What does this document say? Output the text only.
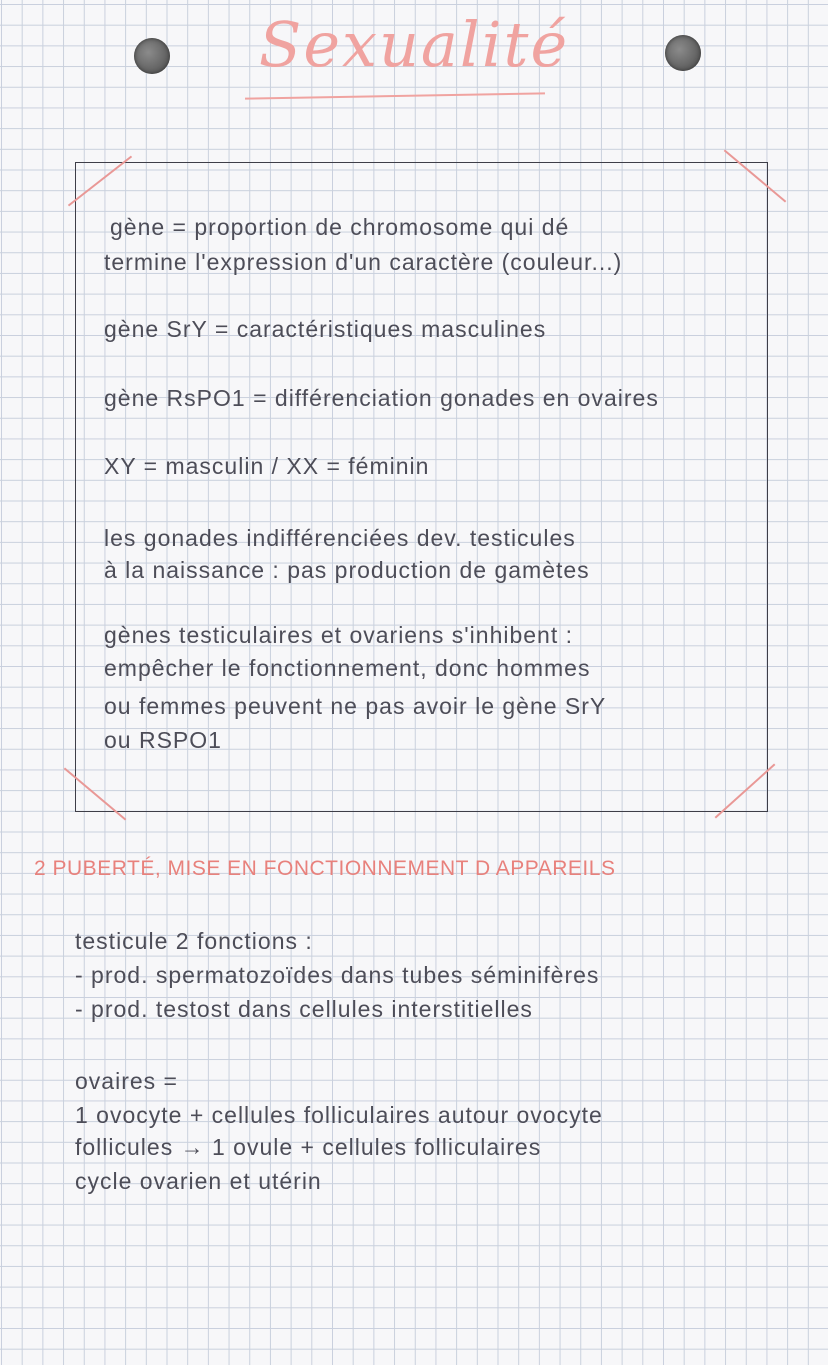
Sexualité
gène = proportion de chromosome qui dé
termine l'expression d'un caractère (couleur...)
gène SrY = caractéristiques masculines
gène RsPO1 = différenciation gonades en ovaires
XY = masculin / XX = féminin
les gonades indifférenciées dev. testicules
à la naissance : pas production de gamètes
gènes testiculaires et ovariens s'inhibent :
empêcher le fonctionnement, donc hommes
ou femmes peuvent ne pas avoir le gène SrY
ou RSPO1
2 PUBERTÉ, MISE EN FONCTIONNEMENT D APPAREILS
testicule 2 fonctions :
- prod. spermatozoïdes dans tubes séminifères
- prod. testost dans cellules interstitielles
ovaires =
1 ovocyte + cellules folliculaires autour ovocyte
follicules → 1 ovule + cellules folliculaires
cycle ovarien et utérin
